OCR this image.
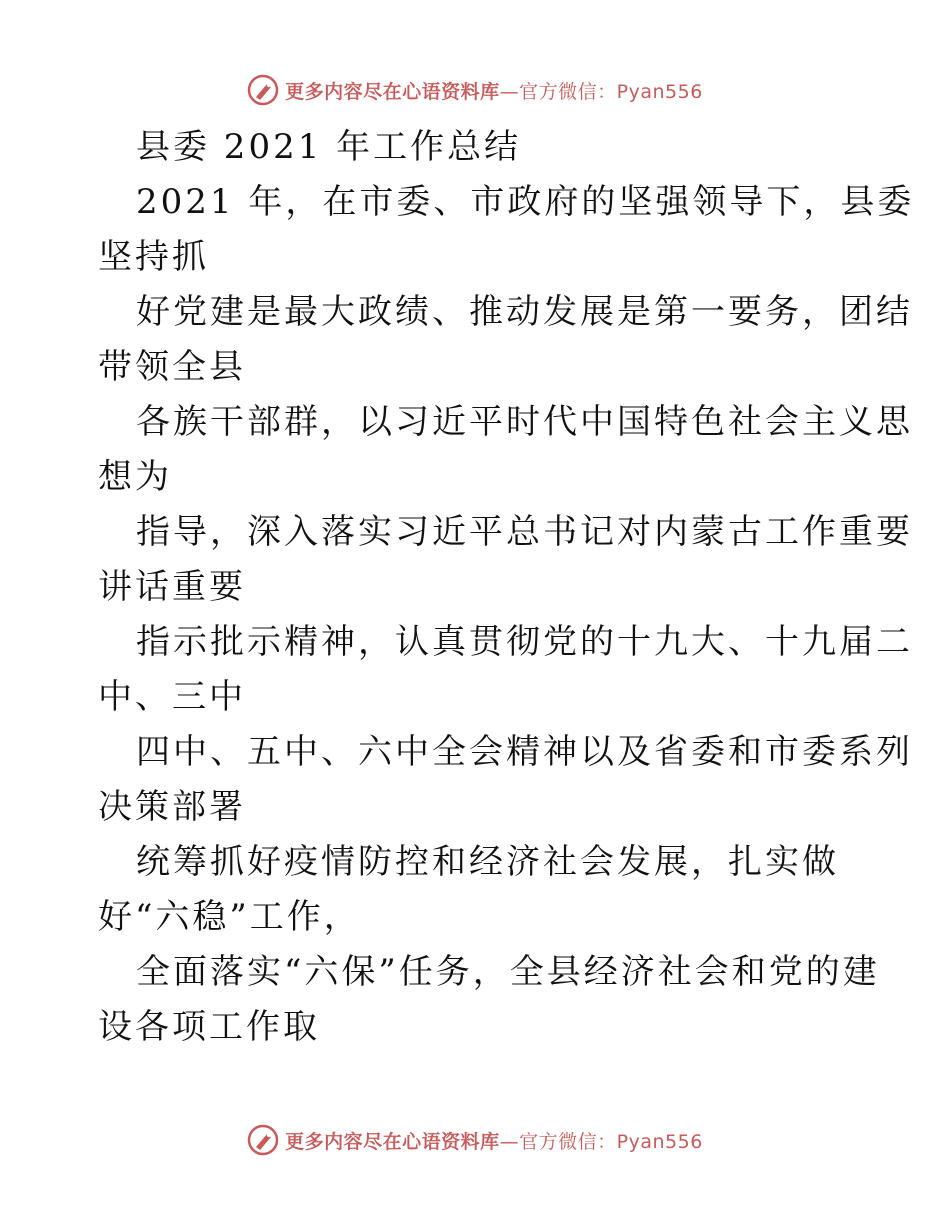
更多内容尽在心语资料库—官方微信：Pyan556
县委 2021 年工作总结
2021 年，在市委、市政府的坚强领导下，县委
坚持抓
好党建是最大政绩、推动发展是第一要务，团结
带领全县
各族干部群，以习近平时代中国特色社会主义思
想为
指导，深入落实习近平总书记对内蒙古工作重要
讲话重要
指示批示精神，认真贯彻党的十九大、十九届二
中、三中
四中、五中、六中全会精神以及省委和市委系列
决策部署
统筹抓好疫情防控和经济社会发展，扎实做
好“六稳”工作，
全面落实“六保”任务，全县经济社会和党的建
设各项工作取
更多内容尽在心语资料库—官方微信：Pyan556
